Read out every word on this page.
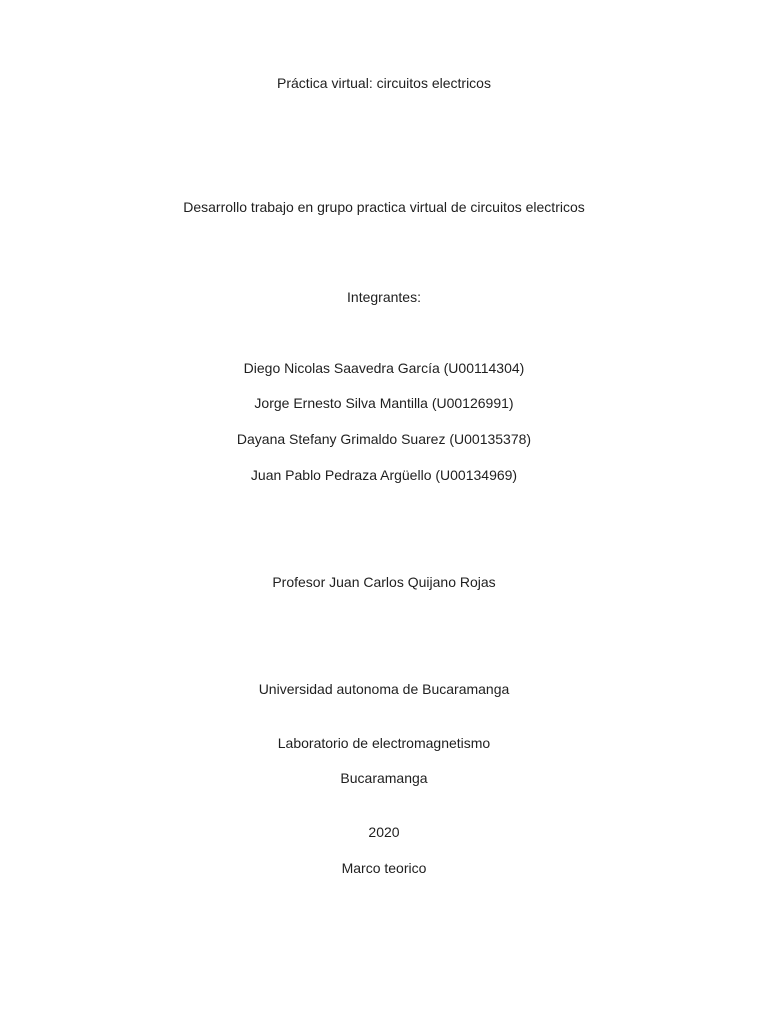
Práctica virtual: circuitos electricos
Desarrollo trabajo en grupo practica virtual de circuitos electricos
Integrantes:
Diego Nicolas Saavedra García (U00114304)
Jorge Ernesto Silva Mantilla (U00126991)
Dayana Stefany Grimaldo Suarez (U00135378)
Juan Pablo Pedraza Argüello (U00134969)
Profesor Juan Carlos Quijano Rojas
Universidad autonoma de Bucaramanga
Laboratorio de electromagnetismo
Bucaramanga
2020
Marco teorico
